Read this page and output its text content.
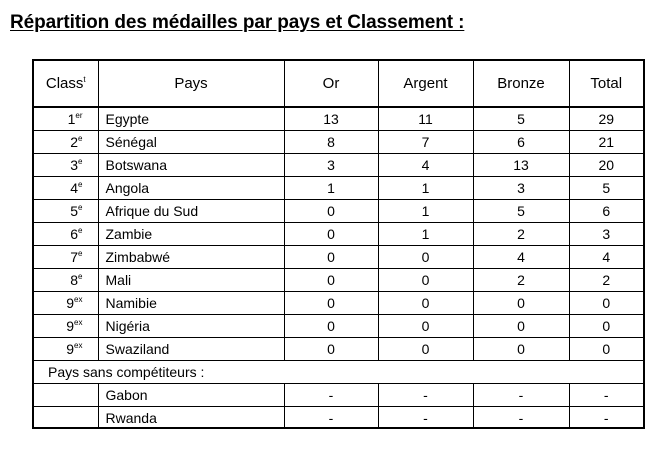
Répartition des médailles par pays et Classement :
Class$^t$	Pays	Or	Argent	Bronze	Total
1er	Egypte	13	11	5	29
2e	Sénégal	8	7	6	21
3e	Botswana	3	4	13	20
4e	Angola	1	1	3	5
5e	Afrique du Sud	0	1	5	6
6e	Zambie	0	1	2	3
7e	Zimbabwé	0	0	4	4
8e	Mali	0	0	2	2
$9^{ex}$	Namibie	0	0	0	0
$9^{ex}$	Nigéria	0	0	0	0
$9^{ex}$	Swaziland	0	0	0	0
Pays sans compétiteurs :					
	Gabon	-	-	-	-
	Rwanda	-	-	-	-
